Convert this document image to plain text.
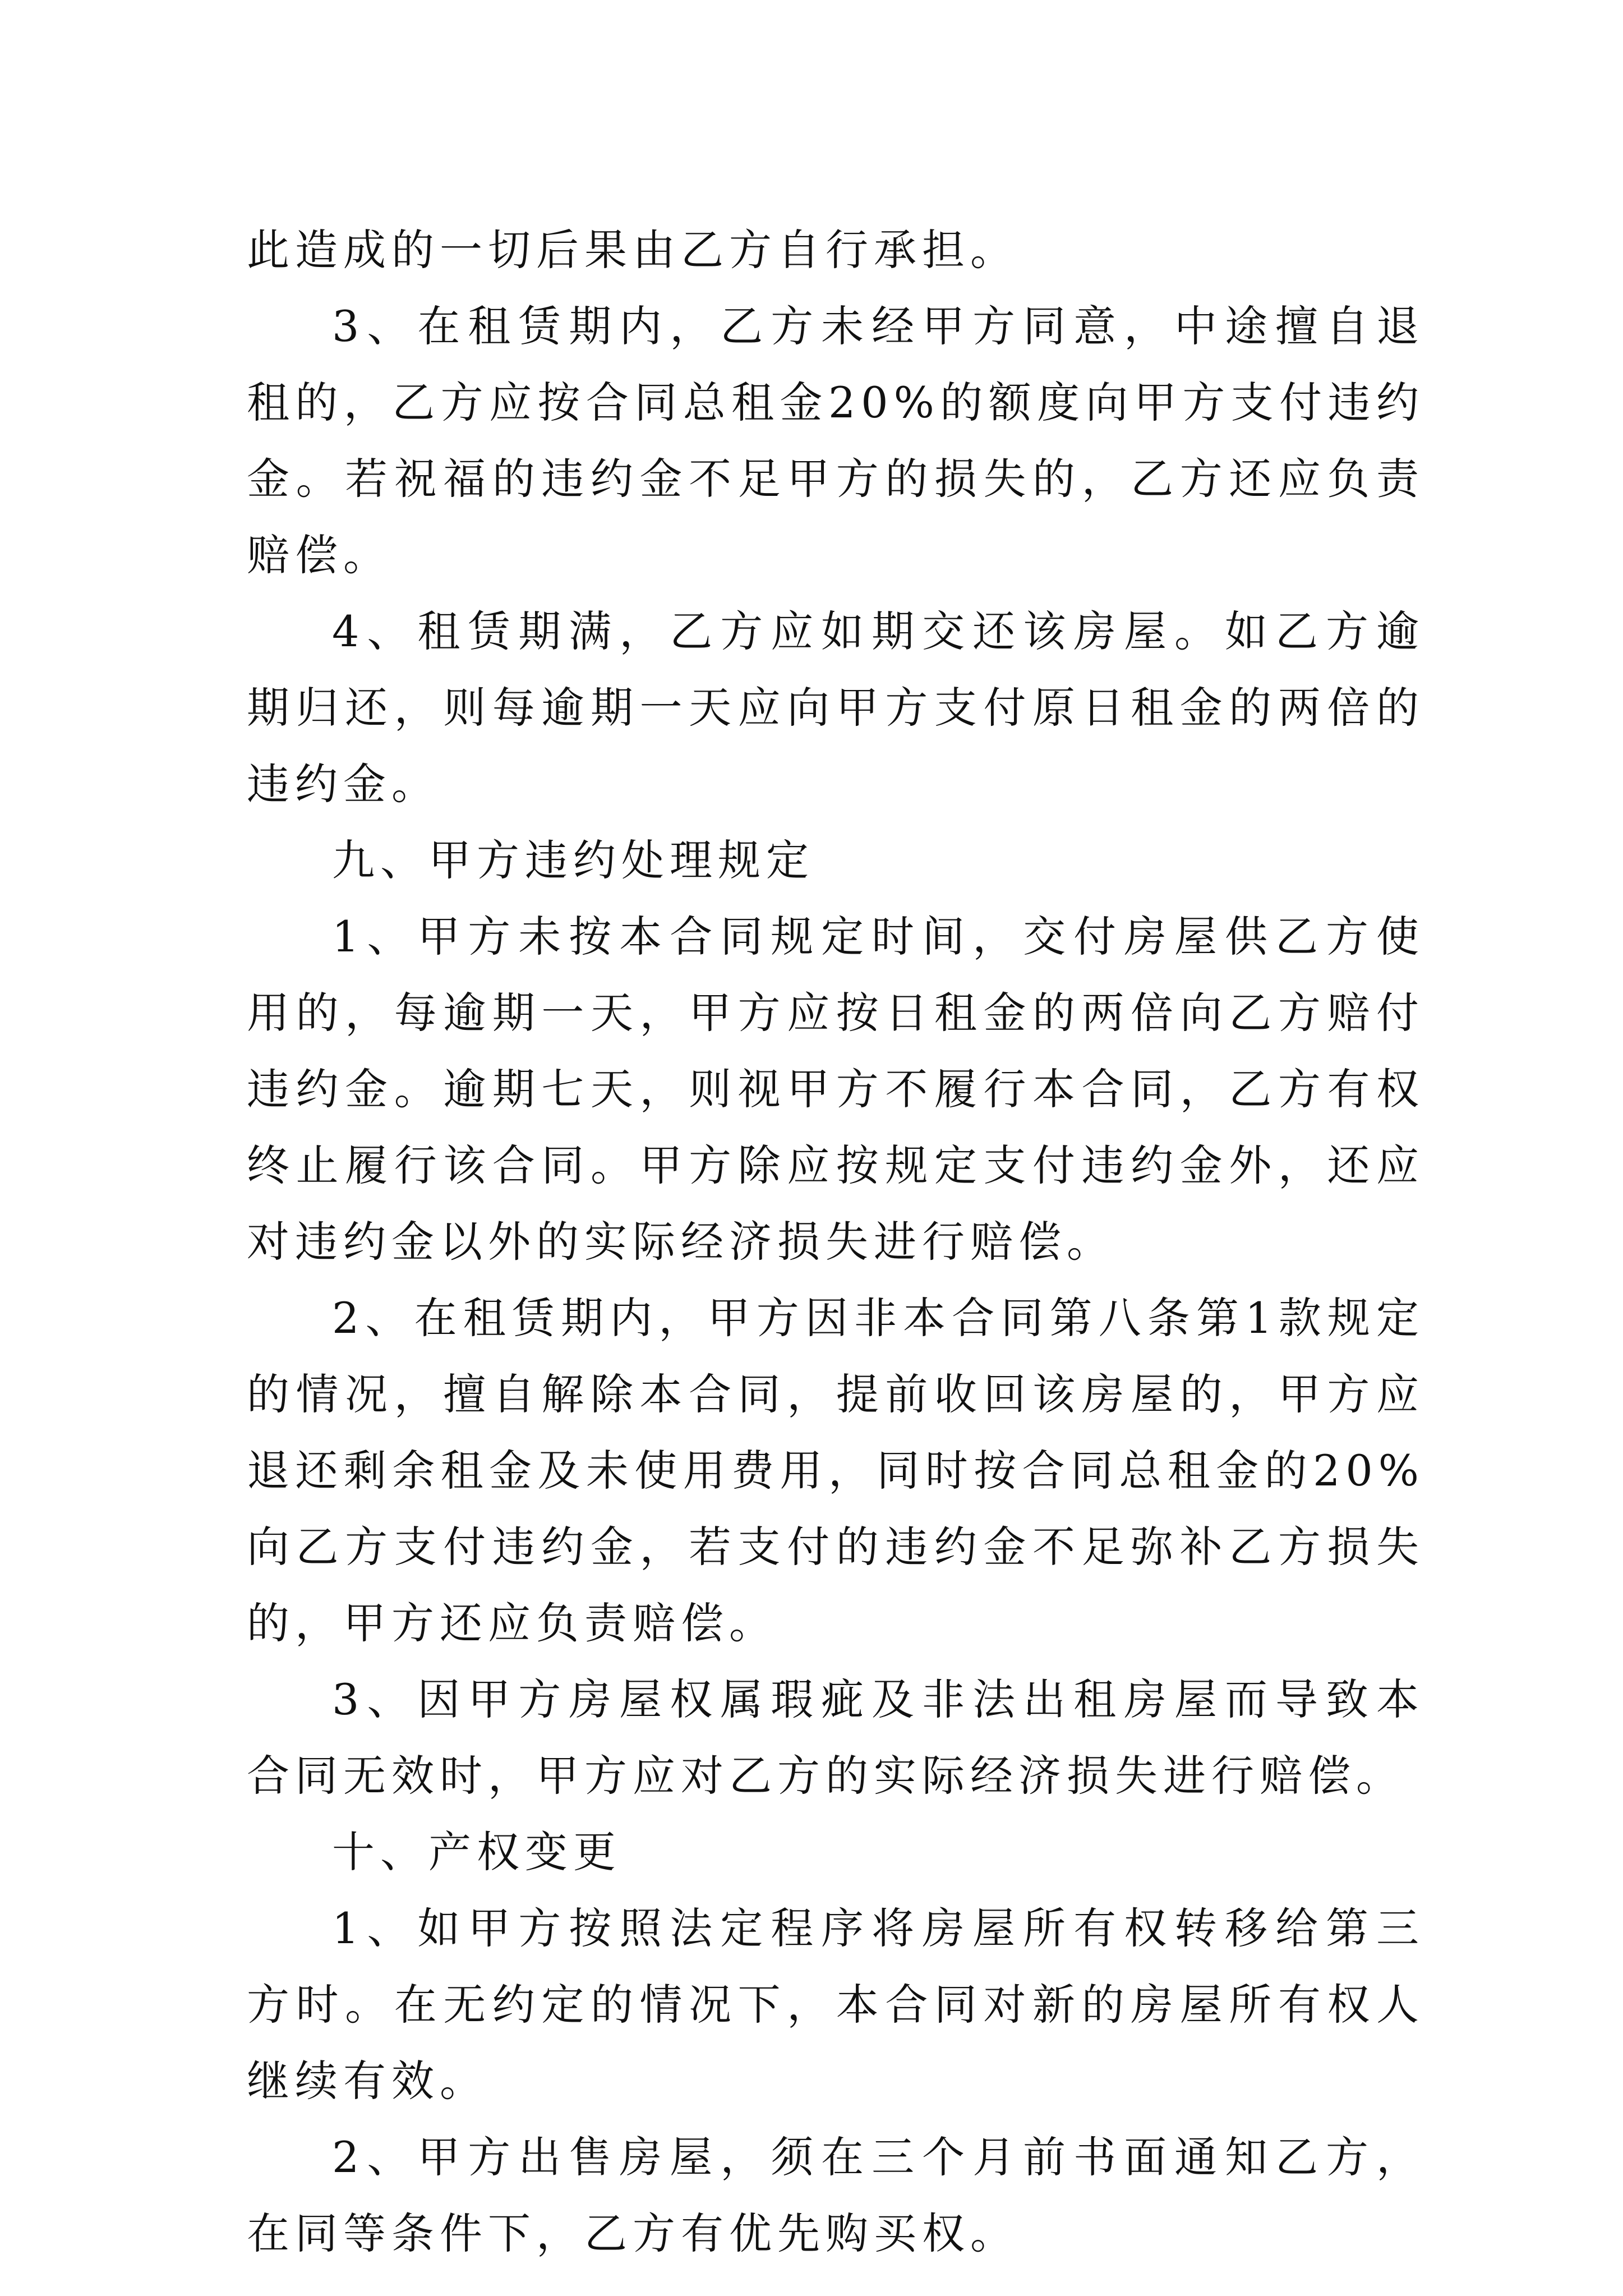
此造成的一切后果由乙方自行承担。

3、在租赁期内，乙方未经甲方同意，中途擅自退租的，乙方应按合同总租金20%的额度向甲方支付违约金。若祝福的违约金不足甲方的损失的，乙方还应负责赔偿。

4、租赁期满，乙方应如期交还该房屋。如乙方逾期归还，则每逾期一天应向甲方支付原日租金的两倍的违约金。

九、甲方违约处理规定

1、甲方未按本合同规定时间，交付房屋供乙方使用的，每逾期一天，甲方应按日租金的两倍向乙方赔付违约金。逾期七天，则视甲方不履行本合同，乙方有权终止履行该合同。甲方除应按规定支付违约金外，还应对违约金以外的实际经济损失进行赔偿。

2、在租赁期内，甲方因非本合同第八条第1款规定的情况，擅自解除本合同，提前收回该房屋的，甲方应退还剩余租金及未使用费用，同时按合同总租金的20%向乙方支付违约金，若支付的违约金不足弥补乙方损失的，甲方还应负责赔偿。

3、因甲方房屋权属瑕疵及非法出租房屋而导致本合同无效时，甲方应对乙方的实际经济损失进行赔偿。

十、产权变更

1、如甲方按照法定程序将房屋所有权转移给第三方时。在无约定的情况下，本合同对新的房屋所有权人继续有效。

2、甲方出售房屋，须在三个月前书面通知乙方，在同等条件下，乙方有优先购买权。
